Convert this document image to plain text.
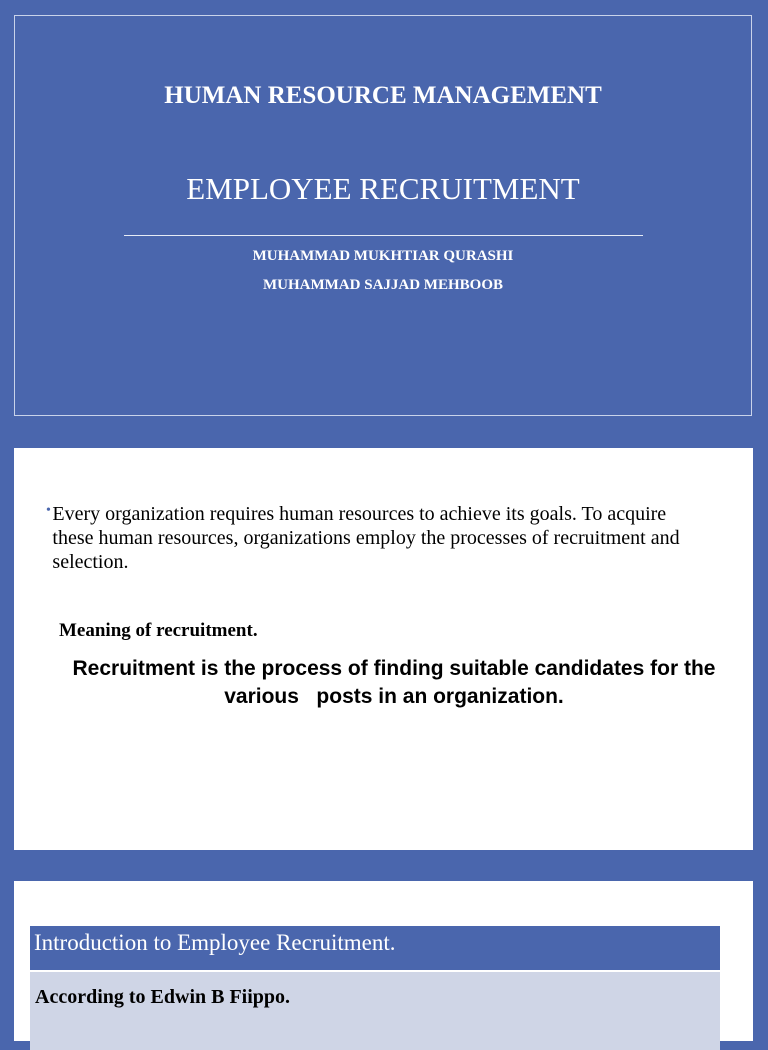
HUMAN RESOURCE MANAGEMENT
EMPLOYEE RECRUITMENT
MUHAMMAD MUKHTIAR QURASHI
MUHAMMAD SAJJAD MEHBOOB
• Every organization requires human resources to achieve its goals. To acquire these human resources, organizations employ the processes of recruitment and selection.
Meaning of recruitment.
Recruitment is the process of finding suitable candidates for the various   posts in an organization.
Introduction to Employee Recruitment.
According to Edwin B Fiippo.
